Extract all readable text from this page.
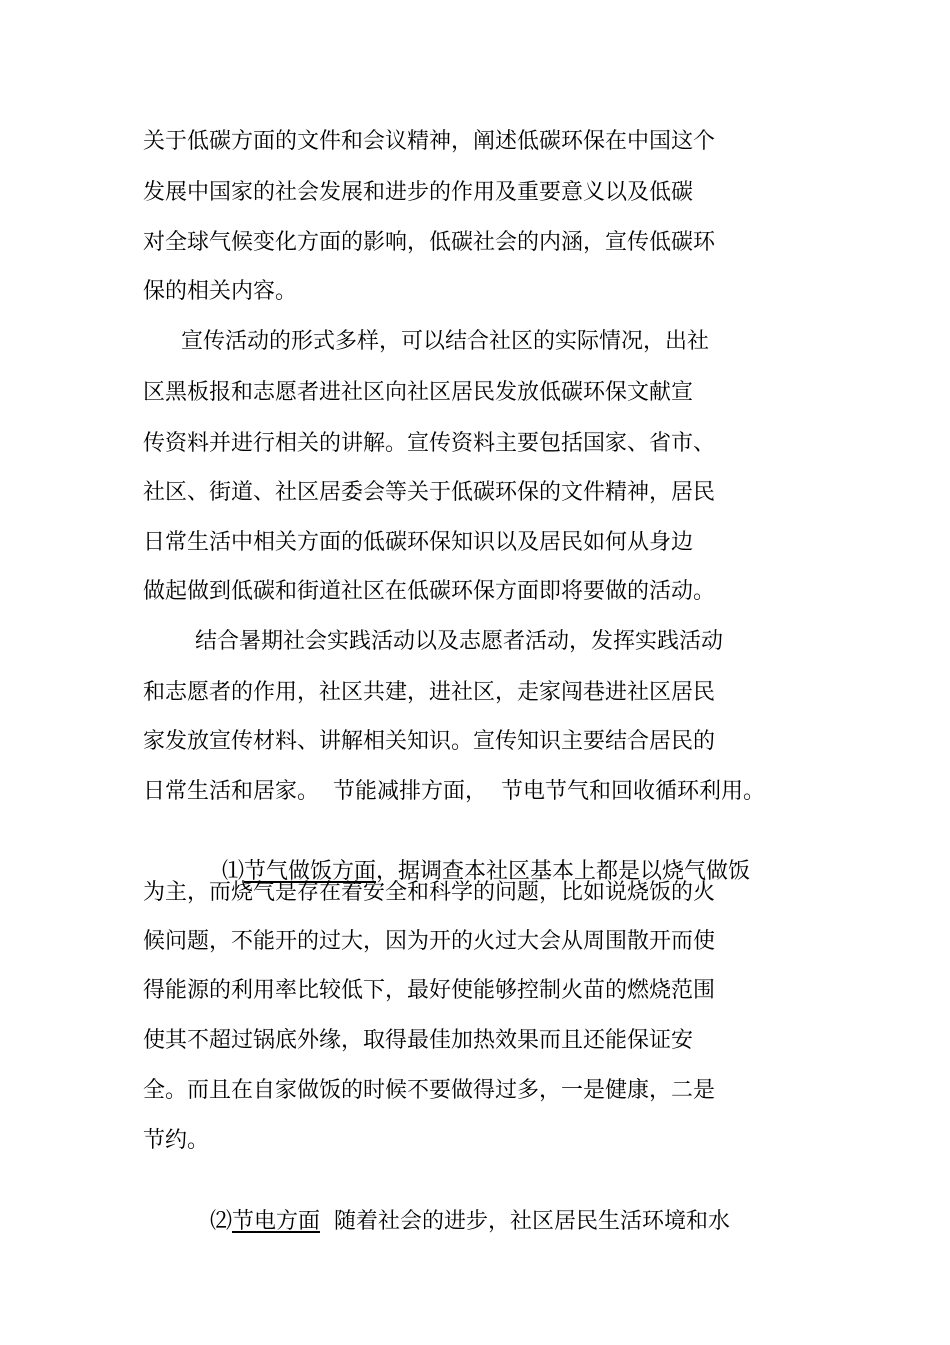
关于低碳方面的文件和会议精神，阐述低碳环保在中国这个
发展中国家的社会发展和进步的作用及重要意义以及低碳
对全球气候变化方面的影响，低碳社会的内涵，宣传低碳环
保的相关内容。
宣传活动的形式多样，可以结合社区的实际情况，出社
区黑板报和志愿者进社区向社区居民发放低碳环保文献宣
传资料并进行相关的讲解。宣传资料主要包括国家、省市、
社区、街道、社区居委会等关于低碳环保的文件精神，居民
日常生活中相关方面的低碳环保知识以及居民如何从身边
做起做到低碳和街道社区在低碳环保方面即将要做的活动。
结合暑期社会实践活动以及志愿者活动，发挥实践活动
和志愿者的作用，社区共建，进社区，走家闯巷进社区居民
家发放宣传材料、讲解相关知识。宣传知识主要结合居民的
日常生活和居家。  节能减排方面，  节电节气和回收循环利用。

⑴节气做饭方面，据调查本社区基本上都是以烧气做饭

为主，而烧气是存在着安全和科学的问题，比如说烧饭的火
候问题，不能开的过大，因为开的火过大会从周围散开而使
得能源的利用率比较低下，最好使能够控制火苗的燃烧范围
使其不超过锅底外缘，取得最佳加热效果而且还能保证安
全。而且在自家做饭的时候不要做得过多，一是健康，二是
节约。

⑵节电方面  随着社会的进步，社区居民生活环境和水
